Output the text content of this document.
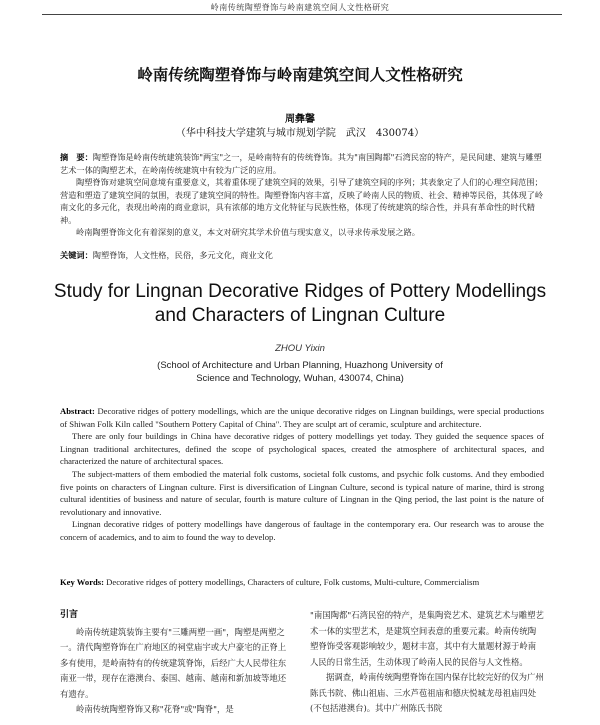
岭南传统陶塑脊饰与岭南建筑空间人文性格研究
岭南传统陶塑脊饰与岭南建筑空间人文性格研究
周彝馨
（华中科技大学建筑与城市规划学院　武汉　430074）

摘　要：陶塑脊饰是岭南传统建筑装饰"两宝"之一，是岭南特有的传统脊饰。其为"南国陶都"石湾民窑的特产，是民间建、建筑与雕塑艺术一体的陶塑艺术，在岭南传统建筑中有较为广泛的应用。

陶塑脊饰对建筑空间意境有重要意义，其着重体现了建筑空间的效果，引导了建筑空间的序列；其表象定了人们的心理空间范围；营造和塑造了建筑空间的氛围，表现了建筑空间的特性。陶塑脊饰内容丰富，反映了岭南人民的物质、社会、精神等民俗，其体现了岭南文化的多元化，表现出岭南的商业意识，具有浓郁的地方文化特征与民族性格，体现了传统建筑的综合性，并具有革命性的时代精神。

岭南陶塑脊饰文化有着深刻的意义，本文对研究其学术价值与现实意义，以寻求传承发展之路。

关键词：陶塑脊饰，人文性格，民俗，多元文化，商业文化
Study for Lingnan Decorative Ridges of Pottery Modellings
and Characters of Lingnan Culture
ZHOU Yixin
(School of Architecture and Urban Planning, Huazhong University of
Science and Technology, Wuhan, 430074, China)

Abstract: Decorative ridges of pottery modellings, which are the unique decorative ridges on Lingnan buildings, were special productions of Shiwan Folk Kiln called "Southern Pottery Capital of China". They are sculpt art of ceramic, sculpture and architecture.

There are only four buildings in China have decorative ridges of pottery modellings yet today. They guided the sequence spaces of Lingnan traditional architectures, defined the scope of psychological spaces, created the atmosphere of architectural spaces, and characterized the nature of architectural spaces.

The subject-matters of them embodied the material folk customs, societal folk customs, and psychic folk customs. And they embodied five points on characters of Lingnan culture. First is diversification of Lingnan Culture, second is typical nature of marine, third is strong cultural identities of business and nature of secular, fourth is mature culture of Lingnan in the Qing period, the last point is the nature of revolutionary and innovative.

Lingnan decorative ridges of pottery modellings have dangerous of faultage in the contemporary era. Our research was to arouse the concern of academics, and to aim to found the way to develop.

Key Words: Decorative ridges of pottery modellings, Characters of culture, Folk customs, Multi-culture, Commercialism
引言

岭南传统建筑装饰主要有"三雕两塑一画"，陶塑是两塑之一。清代陶塑脊饰在广府地区的祠堂庙宇或大户豪宅的正脊上多有使用，是岭南特有的传统建筑脊饰，后经广大人民带往东南亚一带，现存在港澳台、泰国、越南、越南和新加坡等地还有遗存。

岭南传统陶塑脊饰又称"花脊"或"陶脊"，是

"南国陶都"石湾民窑的特产，是集陶瓷艺术、建筑艺术与雕塑艺术一体的实型艺术，是建筑空间表意的重要元素。岭南传统陶塑脊饰受客观影响较少，题材丰富，其中有大量题材源于岭南人民的日常生活，生动体现了岭南人民的民俗与人文性格。

据调查，岭南传统陶塑脊饰在国内保存比较完好的仅为广州陈氏书院、佛山祖庙、三水芦苞祖庙和德庆悦城龙母祖庙四处(不包括港澳台)。其中广州陈氏书院
